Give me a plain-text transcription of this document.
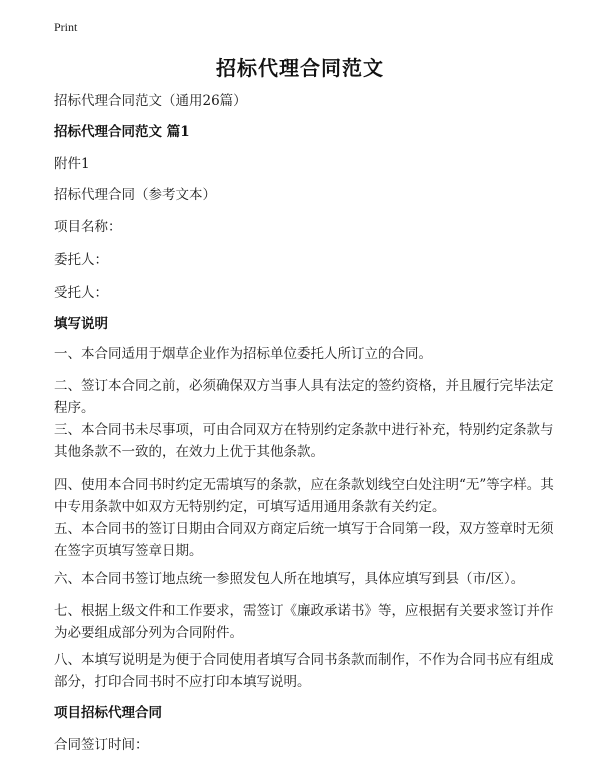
Print
招标代理合同范文
招标代理合同范文（通用26篇）
招标代理合同范文 篇1
附件1
招标代理合同（参考文本）
项目名称：
委托人：
受托人：
填写说明
一、本合同适用于烟草企业作为招标单位委托人所订立的合同。
二、签订本合同之前，必须确保双方当事人具有法定的签约资格，并且履行完毕法定程序。
三、本合同书未尽事项，可由合同双方在特别约定条款中进行补充，特别约定条款与其他条款不一致的，在效力上优于其他条款。
四、使用本合同书时约定无需填写的条款，应在条款划线空白处注明“无”等字样。其中专用条款中如双方无特别约定，可填写适用通用条款有关约定。
五、本合同书的签订日期由合同双方商定后统一填写于合同第一段，双方签章时无须在签字页填写签章日期。
六、本合同书签订地点统一参照发包人所在地填写，具体应填写到县（市/区）。
七、根据上级文件和工作要求，需签订《廉政承诺书》等，应根据有关要求签订并作为必要组成部分列为合同附件。
八、本填写说明是为便于合同使用者填写合同书条款而制作，不作为合同书应有组成部分，打印合同书时不应打印本填写说明。
项目招标代理合同
合同签订时间：
